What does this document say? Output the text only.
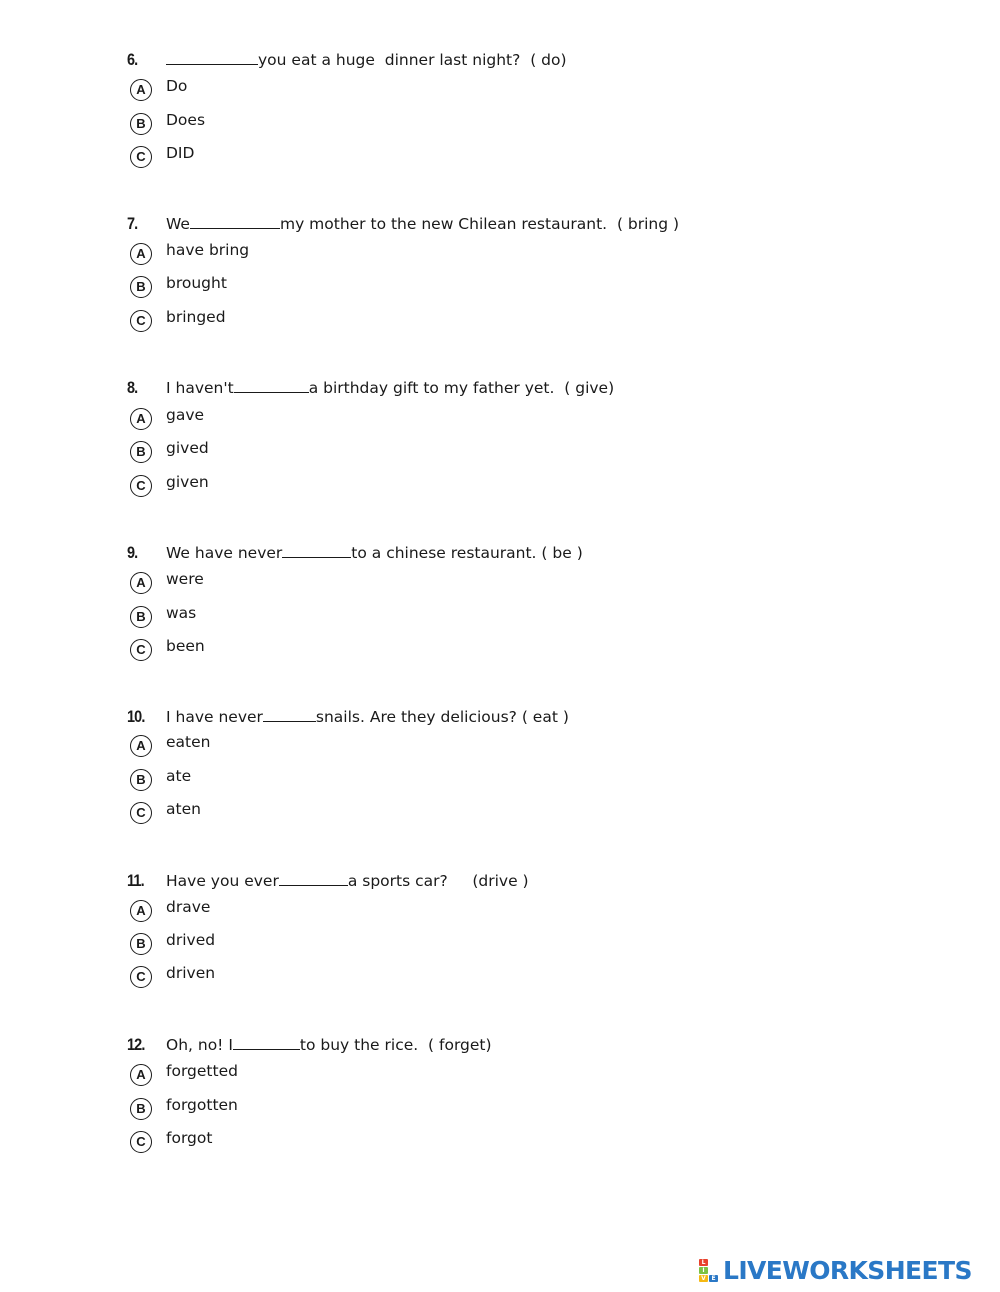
6.	you eat a huge  dinner last night?  ( do)
A	Do
B	Does
C	DID
7.	We	my mother to the new Chilean restaurant.  ( bring )
A	have bring
B	brought
C	bringed
8.	I haven't	a birthday gift to my father yet.  ( give)
A	gave
B	gived
C	given
9.	We have never	to a chinese restaurant. ( be )
A	were
B	was
C	been
10.	I have never	snails. Are they delicious? ( eat )
A	eaten
B	ate
C	aten
11.	Have you ever	a sports car?     (drive )
A	drave
B	drived
C	driven
12.	Oh, no! I	to buy the rice.  ( forget)
A	forgetted
B	forgotten
C	forgot
L
I
V E LIVEWORKSHEETS
